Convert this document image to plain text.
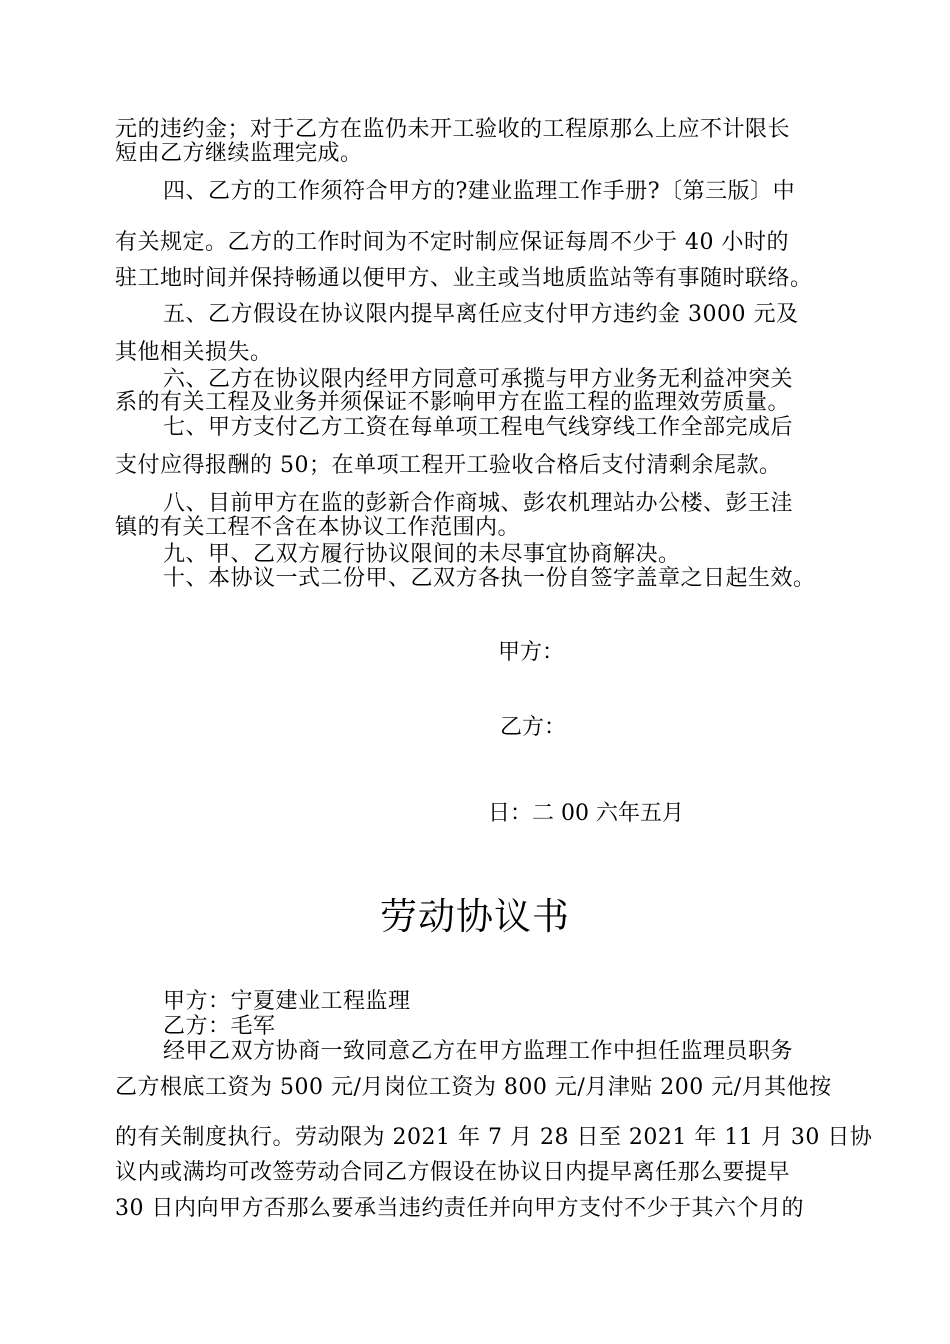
元的违约金；对于乙方在监仍未开工验收的工程原那么上应不计限长
短由乙方继续监理完成。
四、乙方的工作须符合甲方的?建业监理工作手册?〔第三版〕中
有关规定。乙方的工作时间为不定时制应保证每周不少于 40 小时的
驻工地时间并保持畅通以便甲方、业主或当地质监站等有事随时联络。
五、乙方假设在协议限内提早离任应支付甲方违约金 3000 元及
其他相关损失。
六、乙方在协议限内经甲方同意可承揽与甲方业务无利益冲突关
系的有关工程及业务并须保证不影响甲方在监工程的监理效劳质量。
七、甲方支付乙方工资在每单项工程电气线穿线工作全部完成后
支付应得报酬的 50；在单项工程开工验收合格后支付清剩余尾款。
八、目前甲方在监的彭新合作商城、彭农机理站办公楼、彭王洼
镇的有关工程不含在本协议工作范围内。
九、甲、乙双方履行协议限间的未尽事宜协商解决。
十、本协议一式二份甲、乙双方各执一份自签字盖章之日起生效。
甲方：
乙方：
日：二 00 六年五月
劳动协议书
甲方：宁夏建业工程监理
乙方：毛军
经甲乙双方协商一致同意乙方在甲方监理工作中担任监理员职务
乙方根底工资为 500 元/月岗位工资为 800 元/月津贴 200 元/月其他按
的有关制度执行。劳动限为 2021 年 7 月 28 日至 2021 年 11 月 30 日协
议内或满均可改签劳动合同乙方假设在协议日内提早离任那么要提早
30 日内向甲方否那么要承当违约责任并向甲方支付不少于其六个月的
